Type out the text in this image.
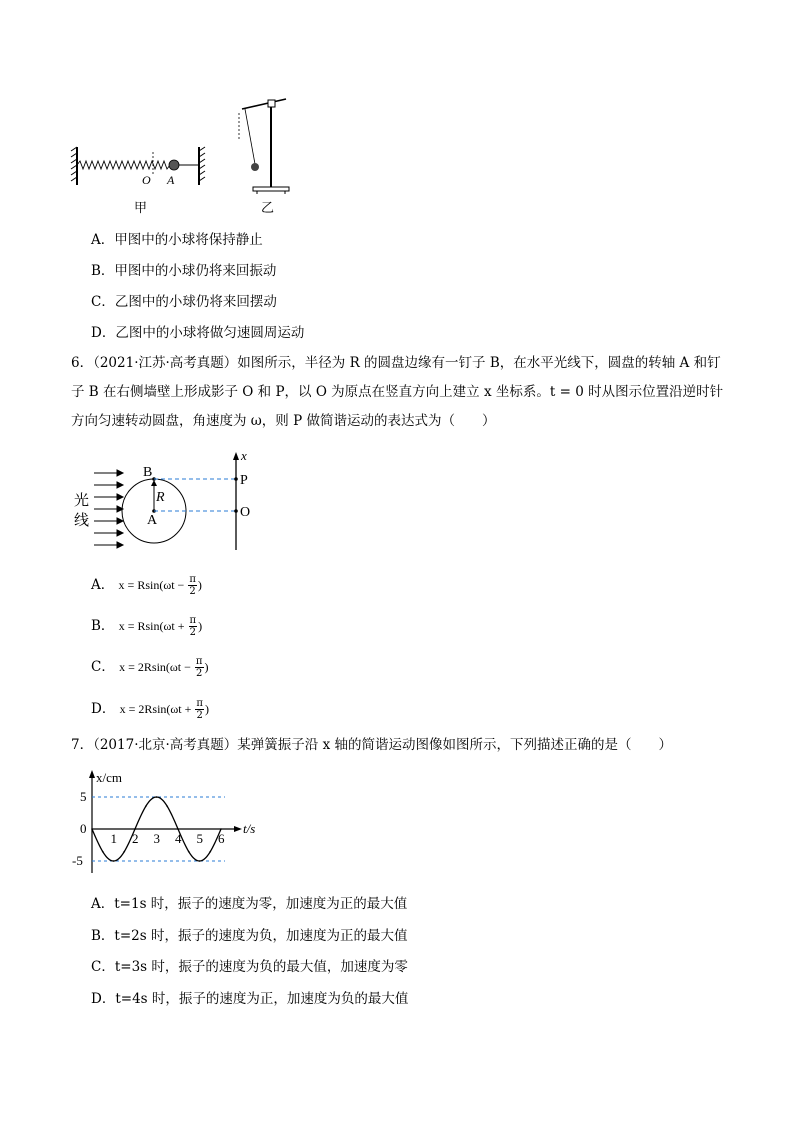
O A
甲	乙
A．甲图中的小球将保持静止
B．甲图中的小球仍将来回振动
C．乙图中的小球仍将来回摆动
D．乙图中的小球将做匀速圆周运动
6．（2021·江苏·高考真题）如图所示，半径为 R 的圆盘边缘有一钉子 B，在水平光线下，圆盘的转轴 A 和钉
子 B 在右侧墙壁上形成影子 O 和 P，以 O 为原点在竖直方向上建立 x 坐标系。t = 0 时从图示位置沿逆时针
方向匀速转动圆盘，角速度为 ω，则 P 做简谐运动的表达式为（　　）
光
线
x
B
R
A
P
O
A． $x = Rsin(\omega t - \frac{\pi}{2}$ )
B． $x = Rsin(\omega t + \frac{\pi}{2}$ )
C． $x = 2Rsin(\omega t - \frac{\pi}{2}$ )
D． $x = 2Rsin(\omega t + \frac{\pi}{2}$ )
7．（2017·北京·高考真题）某弹簧振子沿 x 轴的简谐运动图像如图所示，下列描述正确的是（　　）
x/cm
t/s
5
0
-5
1 2 3 4 5 6
A．t=1s 时，振子的速度为零，加速度为正的最大值
B．t=2s 时，振子的速度为负，加速度为正的最大值
C．t=3s 时，振子的速度为负的最大值，加速度为零
D．t=4s 时，振子的速度为正，加速度为负的最大值
